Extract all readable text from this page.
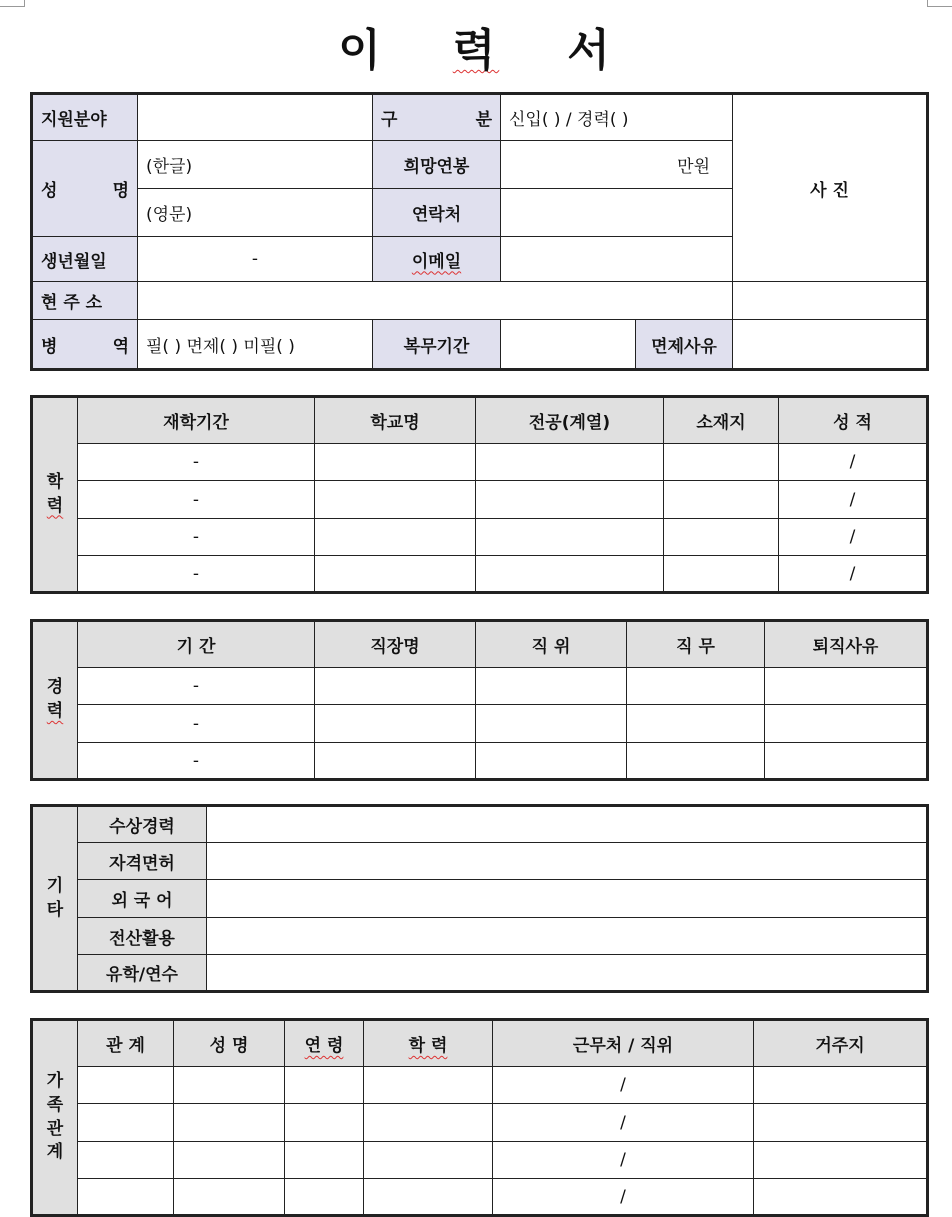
이 력 서
지원분야		구 분	신입( ) / 경력( )	사 진

성 명	(한글)	희망연봉	만원	
	(영문)	연락처		
생년월일	-	이메일		
현 주 소				

병 역	필( ) 면제( ) 미필( )	복무기간	면제사유	

학
력	재학기간	학교명	전공(계열)	소재지	성 적
	-				/
	-				/
	-				/
	-				/
경
력	기 간	직장명	직 위	직 무	퇴직사유
	-				
	-				
	-				
기
타	수상경력	
	자격면허	
	외 국 어	
	전산활용	
	유학/연수	
가
족
관
계	관 계	성 명	연 령	학 력	근무처 / 직위	거주지
					/	
					/	
					/	
					/	
